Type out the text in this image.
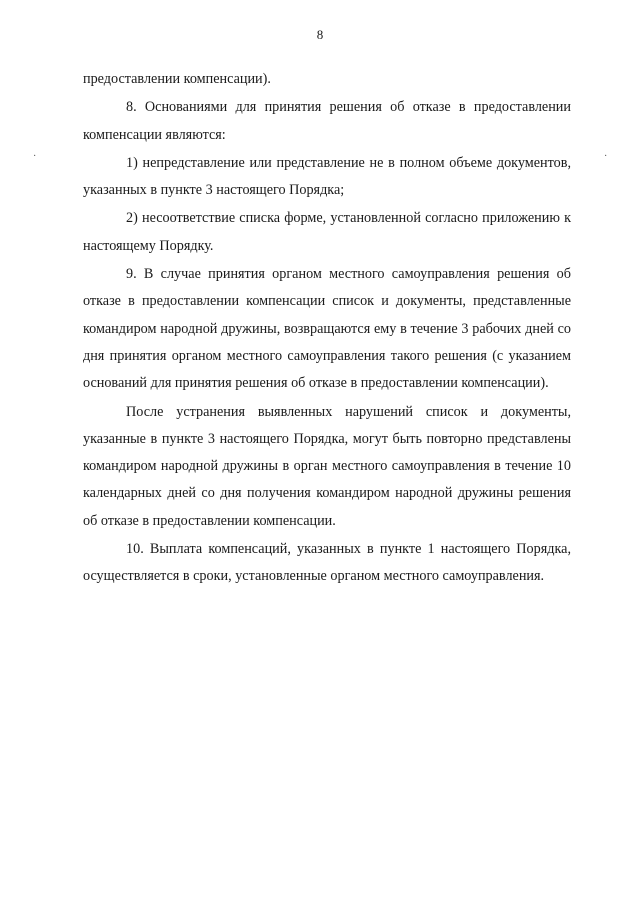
8
·	·

предоставлении компенсации).

8. Основаниями для принятия решения об отказе в предоставлении компенсации являются:

1) непредставление или представление не в полном объеме документов, указанных в пункте 3 настоящего Порядка;

2) несоответствие списка форме, установленной согласно приложению к настоящему Порядку.

9. В случае принятия органом местного самоуправления решения об отказе в предоставлении компенсации список и документы, представленные командиром народной дружины, возвращаются ему в течение 3 рабочих дней со дня принятия органом местного самоуправления такого решения (с указанием оснований для принятия решения об отказе в предоставлении компенсации).

После устранения выявленных нарушений список и документы, указанные в пункте 3 настоящего Порядка, могут быть повторно представлены командиром народной дружины в орган местного самоуправления в течение 10 календарных дней со дня получения командиром народной дружины решения об отказе в предоставлении компенсации.

10. Выплата компенсаций, указанных в пункте 1 настоящего Порядка, осуществляется в сроки, установленные органом местного самоуправления.
